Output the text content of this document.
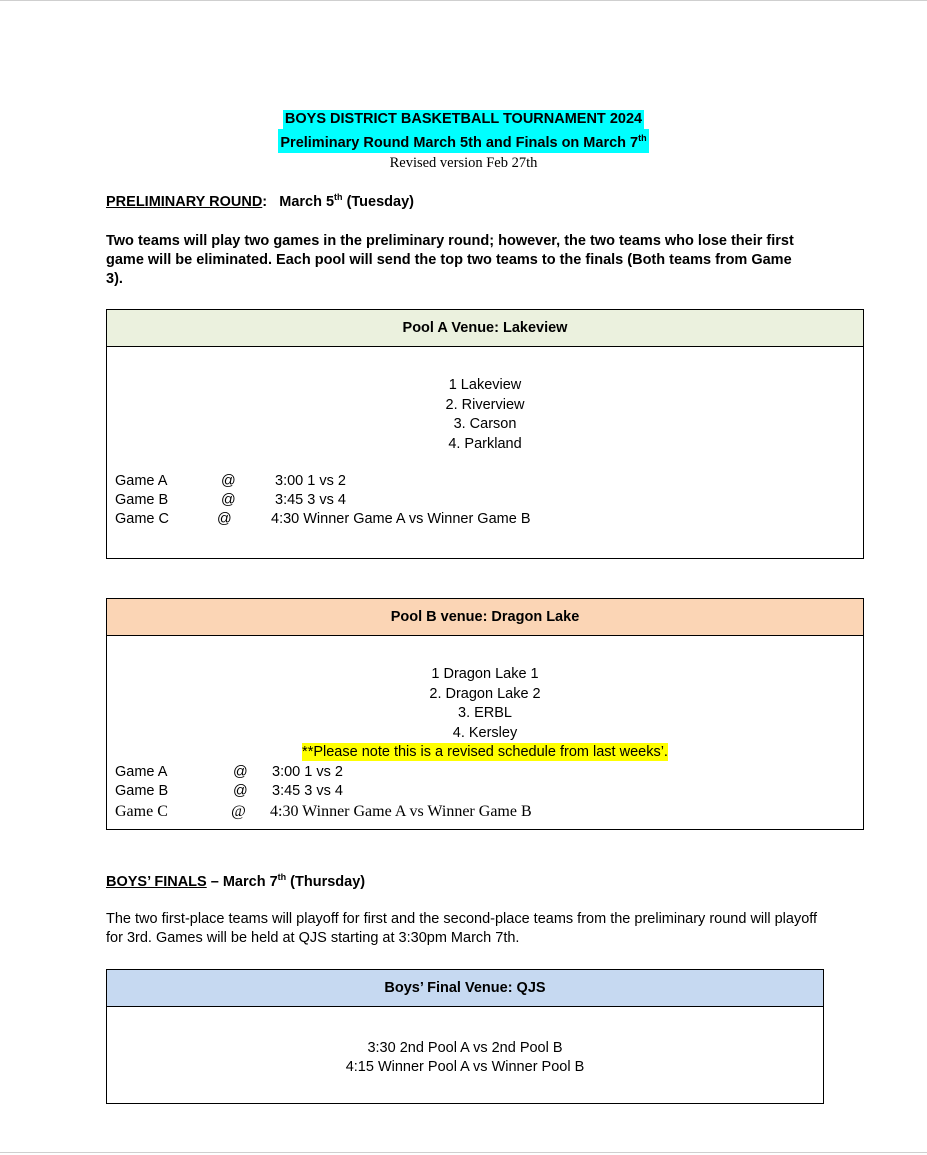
BOYS DISTRICT BASKETBALL TOURNAMENT 2024
Preliminary Round March 5th and Finals on March 7th
Revised version Feb 27th
PRELIMINARY ROUND: March 5th (Tuesday)
Two teams will play two games in the preliminary round; however, the two teams who lose their first game will be eliminated. Each pool will send the top two teams to the finals (Both teams from Game 3).
Pool A Venue: Lakeview
1 Lakeview
2. Riverview
3. Carson
4. Parkland
Game A	@	3:00 1 vs 2
Game B	@	3:45 3 vs 4
Game C	@	4:30 Winner Game A vs Winner Game B
Pool B venue: Dragon Lake
1 Dragon Lake 1
2. Dragon Lake 2
3. ERBL
4. Kersley
**Please note this is a revised schedule from last weeks’.
Game A	@ 3:00 1 vs 2
Game B	@ 3:45 3 vs 4
Game C	@ 4:30 Winner Game A vs Winner Game B
BOYS’ FINALS – March 7th (Thursday)
The two first-place teams will playoff for first and the second-place teams from the preliminary round will playoff for 3rd. Games will be held at QJS starting at 3:30pm March 7th.
Boys’ Final Venue: QJS
3:30 2nd Pool A vs 2nd Pool B
4:15 Winner Pool A vs Winner Pool B
